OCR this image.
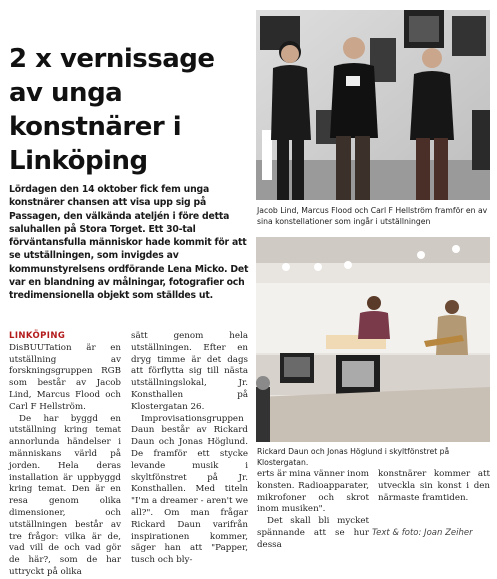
2 x vernissage av unga konstnärer i Linköping

Lördagen den 14 oktober fick fem unga konstnärer chansen att visa upp sig på Passagen, den välkända ateljén i före detta saluhallen på Stora Torget. Ett 30-tal förväntansfulla människor hade kommit för att se utställningen, som invigdes av kommunstyrelsens ordförande Lena Micko. Det var en blandning av målningar, fotografier och tredimensionella objekt som ställdes ut.

Jacob Lind, Marcus Flood och Carl F Hellström framför en av sina konstellationer som ingår i utställningen

Rickard Daun och Jonas Höglund i skyltfönstret på Klostergatan.

LINKÖPING DisBUUTation är en utställning av forskningsgruppen RGB som består av Jacob Lind, Marcus Flood och Carl F Hellström.

De har byggd en utställning kring temat annorlunda händelser i människans värld på jorden. Hela deras installation är uppbyggd kring temat. Den är en resa genom olika dimensioner, och utställningen består av tre frågor: vilka är de, vad vill de och vad gör de här?, som de har uttryckt på olika

sätt genom hela utställningen. Efter en dryg timme är det dags att förflytta sig till nästa utställningslokal, Jr. Konsthallen på Klostergatan 26.

Improvisationsgruppen Daun består av Rickard Daun och Jonas Höglund. De framför ett stycke levande musik i skyltfönstret på Jr. Konsthallen. Med titeln "I'm a dreamer - aren't we all?". Om man frågar Rickard Daun varifrån inspirationen kommer, säger han att "Papper, tusch och bly-

erts är mina vänner inom konsten. Radioapparater, mikrofoner och skrot inom musiken".

Det skall bli mycket spännande att se hur dessa

konstnärer kommer att utveckla sin konst i den närmaste framtiden.

Text & foto: Joan Zeiher
